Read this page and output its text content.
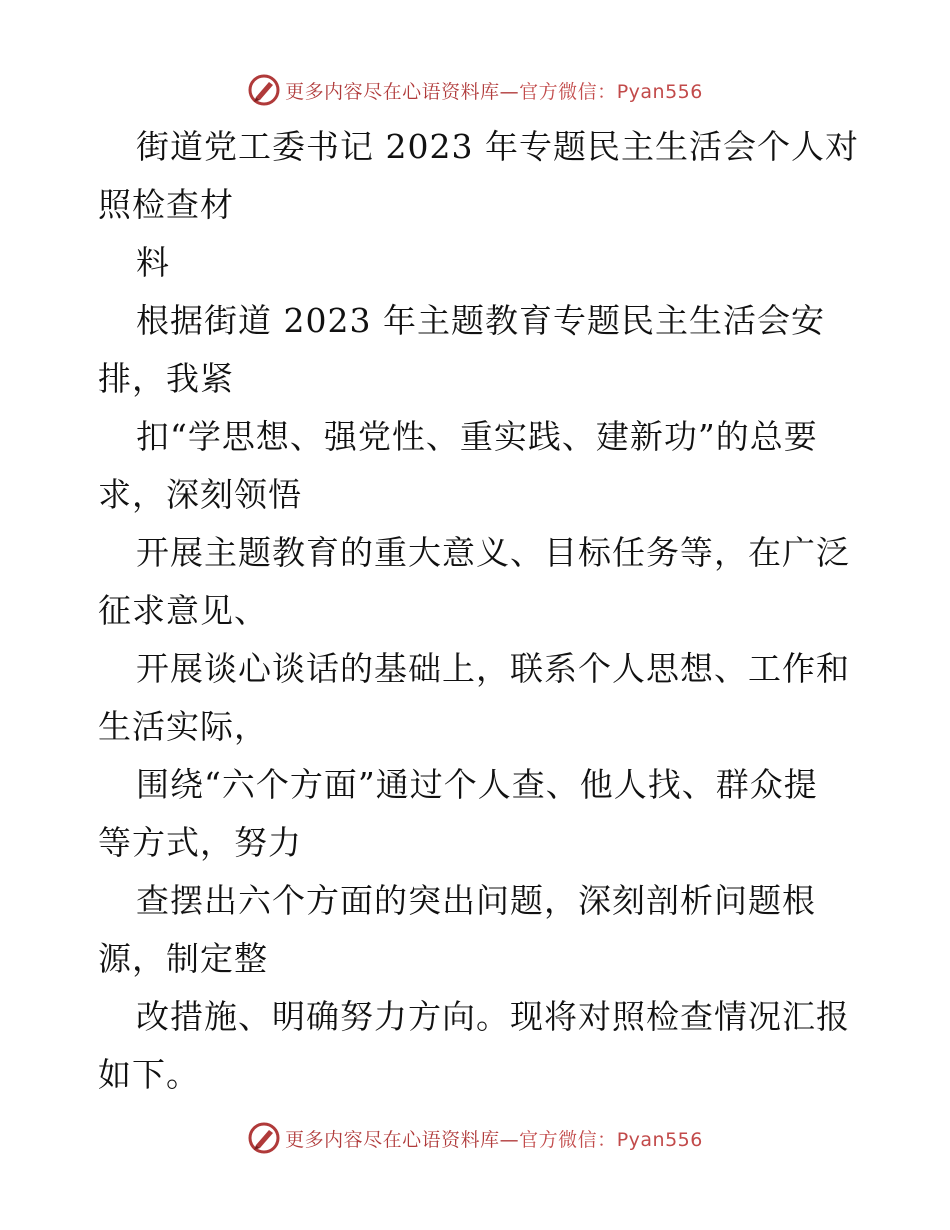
更多内容尽在心语资料库—官方微信：Pyan556
街道党工委书记 2023 年专题民主生活会个人对
照检查材
料
根据街道 2023 年主题教育专题民主生活会安
排，我紧
扣“学思想、强党性、重实践、建新功”的总要
求，深刻领悟
开展主题教育的重大意义、目标任务等，在广泛
征求意见、
开展谈心谈话的基础上，联系个人思想、工作和
生活实际，
围绕“六个方面”通过个人查、他人找、群众提
等方式，努力
查摆出六个方面的突出问题，深刻剖析问题根
源，制定整
改措施、明确努力方向。现将对照检查情况汇报
如下。
更多内容尽在心语资料库—官方微信：Pyan556
